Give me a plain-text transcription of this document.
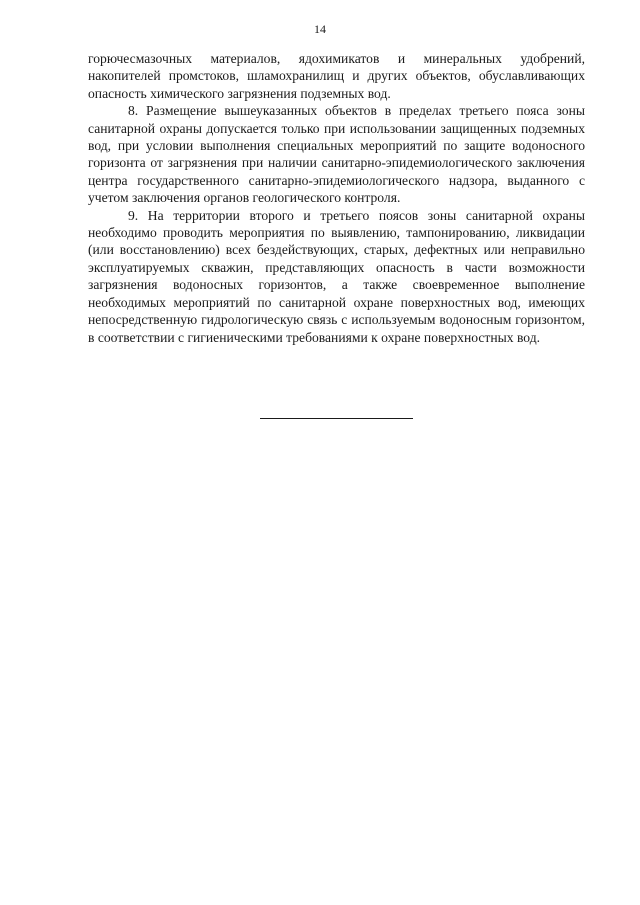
14

горючесмазочных материалов, ядохимикатов и минеральных удобрений, накопителей промстоков, шламохранилищ и других объектов, обуславливающих опасность химического загрязнения подземных вод.

8. Размещение вышеуказанных объектов в пределах третьего пояса зоны санитарной охраны допускается только при использовании защищенных подземных вод, при условии выполнения специальных мероприятий по защите водоносного горизонта от загрязнения при наличии санитарно-эпидемиологического заключения центра государственного санитарно-эпидемиологического надзора, выданного с учетом заключения органов геологического контроля.

9. На территории второго и третьего поясов зоны санитарной охраны необходимо проводить мероприятия по выявлению, тампонированию, ликвидации (или восстановлению) всех бездействующих, старых, дефектных или неправильно эксплуатируемых скважин, представляющих опасность в части возможности загрязнения водоносных горизонтов, а также своевременное выполнение необходимых мероприятий по санитарной охране поверхностных вод, имеющих непосредственную гидрологическую связь с используемым водоносным горизонтом, в соответствии с гигиеническими требованиями к охране поверхностных вод.
